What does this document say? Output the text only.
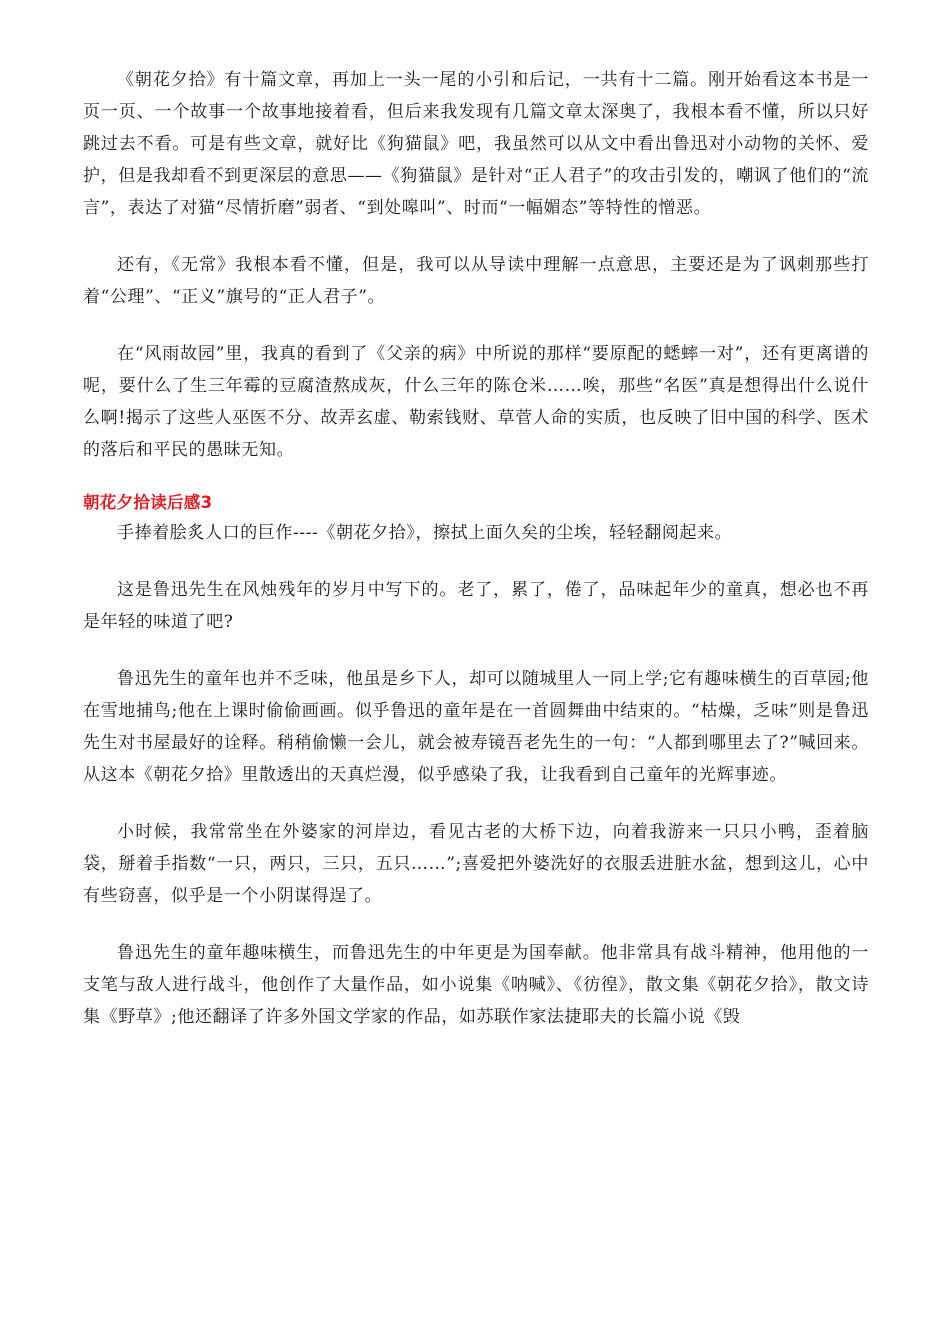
《朝花夕拾》有十篇文章，再加上一头一尾的小引和后记，一共有十二篇。刚开始看这本书是一页一页、一个故事一个故事地接着看，但后来我发现有几篇文章太深奥了，我根本看不懂，所以只好跳过去不看。可是有些文章，就好比《狗猫鼠》吧，我虽然可以从文中看出鲁迅对小动物的关怀、爱护，但是我却看不到更深层的意思——《狗猫鼠》是针对“正人君子”的攻击引发的，嘲讽了他们的“流言”，表达了对猫“尽情折磨”弱者、“到处嗥叫”、时而“一幅媚态”等特性的憎恶。

还有，《无常》我根本看不懂，但是，我可以从导读中理解一点意思，主要还是为了讽刺那些打着“公理”、“正义”旗号的“正人君子”。

在“风雨故园”里，我真的看到了《父亲的病》中所说的那样“要原配的蟋蟀一对”，还有更离谱的呢，要什么了生三年霉的豆腐渣熬成灰，什么三年的陈仓米……唉，那些“名医”真是想得出什么说什么啊!揭示了这些人巫医不分、故弄玄虚、勒索钱财、草菅人命的实质，也反映了旧中国的科学、医术的落后和平民的愚昧无知。

朝花夕拾读后感3

手捧着脍炙人口的巨作----《朝花夕拾》，擦拭上面久矣的尘埃，轻轻翻阅起来。

这是鲁迅先生在风烛残年的岁月中写下的。老了，累了，倦了，品味起年少的童真，想必也不再是年轻的味道了吧?

鲁迅先生的童年也并不乏味，他虽是乡下人，却可以随城里人一同上学;它有趣味横生的百草园;他在雪地捕鸟;他在上课时偷偷画画。似乎鲁迅的童年是在一首圆舞曲中结束的。“枯燥，乏味”则是鲁迅先生对书屋最好的诠释。稍稍偷懒一会儿，就会被寿镜吾老先生的一句：“人都到哪里去了?”喊回来。从这本《朝花夕拾》里散透出的天真烂漫，似乎感染了我，让我看到自己童年的光辉事迹。

小时候，我常常坐在外婆家的河岸边，看见古老的大桥下边，向着我游来一只只小鸭，歪着脑袋，掰着手指数“一只，两只，三只，五只……”;喜爱把外婆洗好的衣服丢进脏水盆，想到这儿，心中有些窃喜，似乎是一个小阴谋得逞了。

鲁迅先生的童年趣味横生，而鲁迅先生的中年更是为国奉献。他非常具有战斗精神，他用他的一支笔与敌人进行战斗，他创作了大量作品，如小说集《呐喊》、《彷徨》，散文集《朝花夕拾》，散文诗集《野草》;他还翻译了许多外国文学家的作品，如苏联作家法捷耶夫的长篇小说《毁
